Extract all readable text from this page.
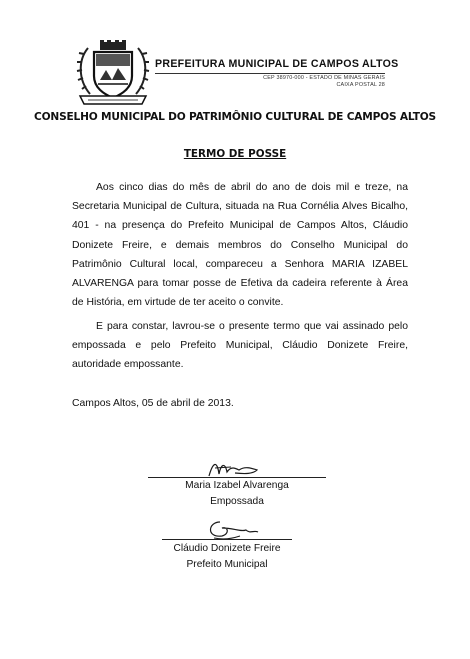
PREFEITURA MUNICIPAL DE CAMPOS ALTOS
CEP 38970-000 - ESTADO DE MINAS GERAIS
CAIXA POSTAL 28
CONSELHO MUNICIPAL DO PATRIMÔNIO CULTURAL DE CAMPOS ALTOS
TERMO DE POSSE

Aos cinco dias do mês de abril do ano de dois mil e treze, na Secretaria Municipal de Cultura, situada na Rua Cornélia Alves Bicalho, 401 - na presença do Prefeito Municipal de Campos Altos, Cláudio Donizete Freire, e demais membros do Conselho Municipal do Patrimônio Cultural local, compareceu a Senhora MARIA IZABEL ALVARENGA para tomar posse de Efetiva da cadeira referente à Área de História, em virtude de ter aceito o convite.

E para constar, lavrou-se o presente termo que vai assinado pelo empossada e pelo Prefeito Municipal, Cláudio Donizete Freire, autoridade empossante.

Campos Altos, 05 de abril de 2013.
Maria Izabel Alvarenga
Empossada
Cláudio Donizete Freire
Prefeito Municipal
